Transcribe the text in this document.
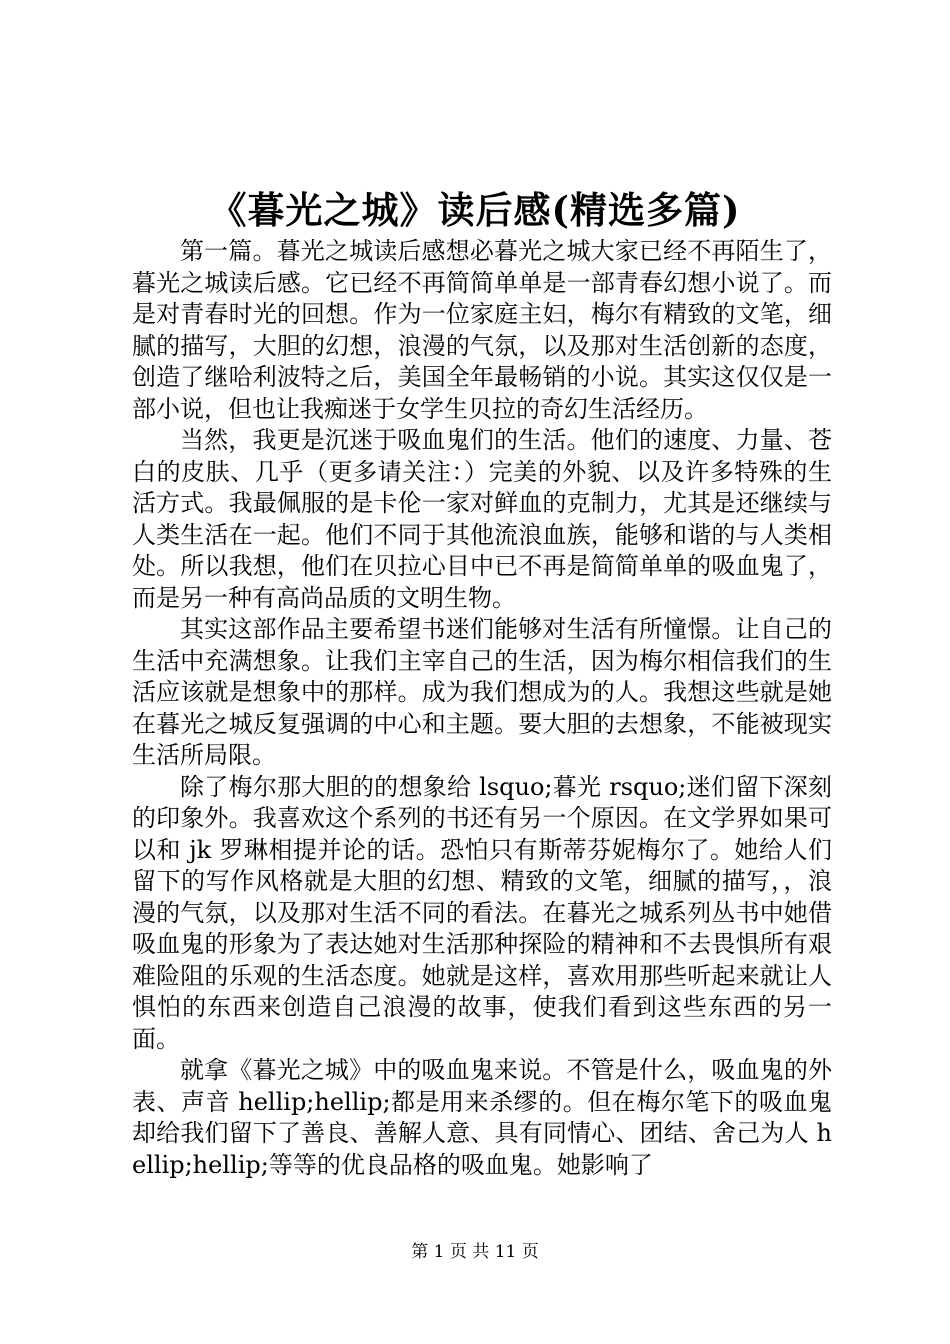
《暮光之城》读后感(精选多篇)

第一篇。暮光之城读后感想必暮光之城大家已经不再陌生了，暮光之城读后感。它已经不再简简单单是一部青春幻想小说了。而是对青春时光的回想。作为一位家庭主妇，梅尔有精致的文笔，细腻的描写，大胆的幻想，浪漫的气氛，以及那对生活创新的态度，创造了继哈利波特之后，美国全年最畅销的小说。其实这仅仅是一部小说，但也让我痴迷于女学生贝拉的奇幻生活经历。

当然，我更是沉迷于吸血鬼们的生活。他们的速度、力量、苍白的皮肤、几乎（更多请关注：）完美的外貌、以及许多特殊的生活方式。我最佩服的是卡伦一家对鲜血的克制力，尤其是还继续与人类生活在一起。他们不同于其他流浪血族，能够和谐的与人类相处。所以我想，他们在贝拉心目中已不再是简简单单的吸血鬼了，而是另一种有高尚品质的文明生物。

其实这部作品主要希望书迷们能够对生活有所憧憬。让自己的生活中充满想象。让我们主宰自己的生活，因为梅尔相信我们的生活应该就是想象中的那样。成为我们想成为的人。我想这些就是她在暮光之城反复强调的中心和主题。要大胆的去想象，不能被现实生活所局限。

除了梅尔那大胆的的想象给 lsquo;暮光 rsquo;迷们留下深刻的印象外。我喜欢这个系列的书还有另一个原因。在文学界如果可以和 jk 罗琳相提并论的话。恐怕只有斯蒂芬妮梅尔了。她给人们留下的写作风格就是大胆的幻想、精致的文笔，细腻的描写，，浪漫的气氛，以及那对生活不同的看法。在暮光之城系列丛书中她借吸血鬼的形象为了表达她对生活那种探险的精神和不去畏惧所有艰难险阻的乐观的生活态度。她就是这样，喜欢用那些听起来就让人惧怕的东西来创造自己浪漫的故事，使我们看到这些东西的另一面。

就拿《暮光之城》中的吸血鬼来说。不管是什么，吸血鬼的外表、声音 hellip;hellip;都是用来杀缪的。但在梅尔笔下的吸血鬼却给我们留下了善良、善解人意、具有同情心、团结、舍己为人 hellip;hellip;等等的优良品格的吸血鬼。她影响了

第 1 页 共 11 页
